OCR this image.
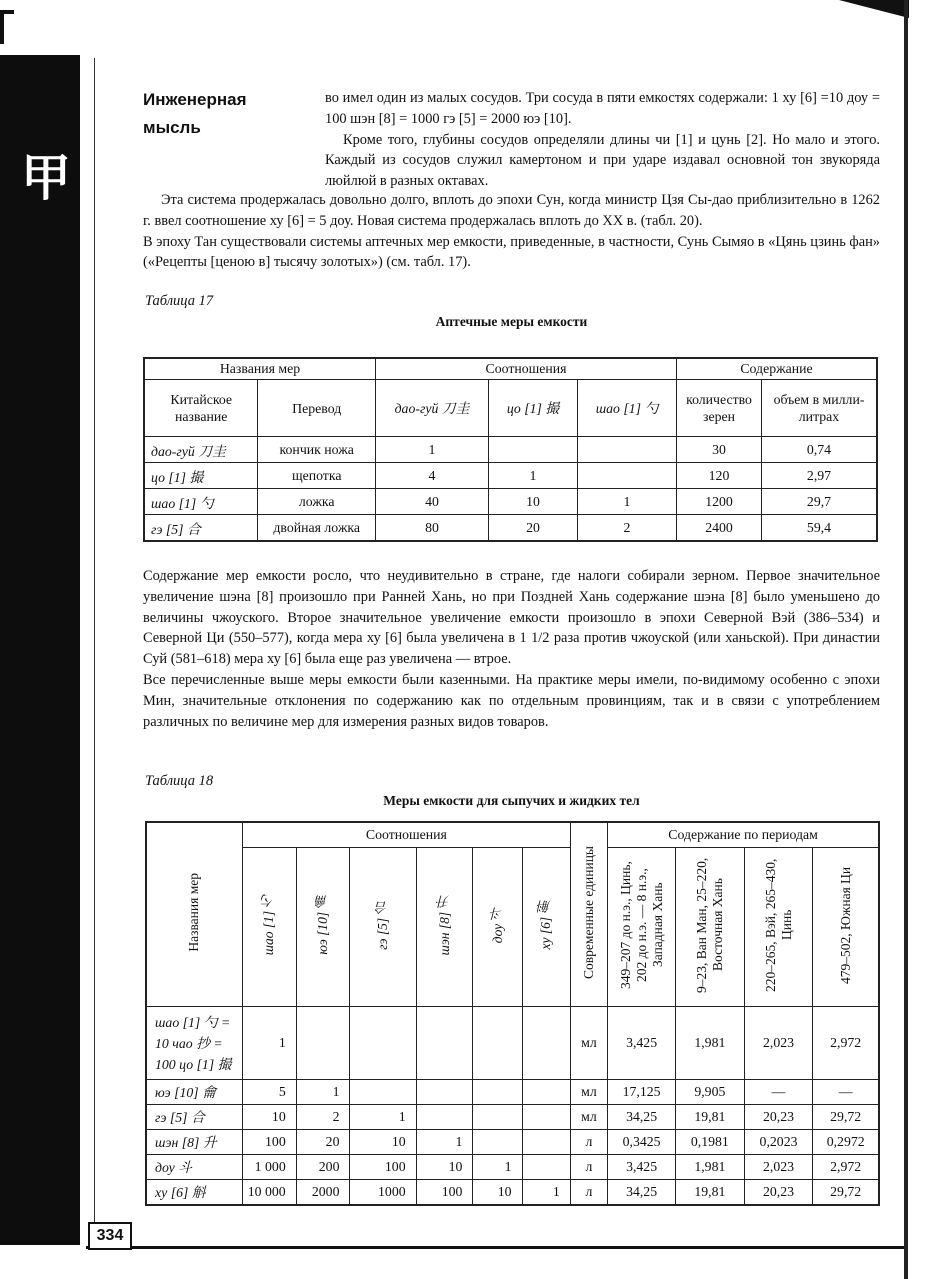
甲
334
Инженерная
мысль

во имел один из малых сосудов. Три сосуда в пяти емкостях содержали: 1 ху [6] =10 доу = 100 шэн [8] = 1000 гэ [5] = 2000 юэ [10].

Кроме того, глубины сосудов определяли длины чи [1] и цунь [2]. Но мало и этого. Каждый из сосудов служил камертоном и при ударе издавал основной тон звукоряда люйлюй в разных октавах.

Эта система продержалась довольно долго, вплоть до эпохи Сун, когда министр Цзя Сы-дао приблизительно в 1262 г. ввел соотношение ху [6] = 5 доу. Новая система продержалась вплоть до XX в. (табл. 20).

В эпоху Тан существовали системы аптечных мер емкости, приведенные, в частности, Сунь Сымяо в «Цянь цзинь фан» («Рецепты [ценою в] тысячу золотых») (см. табл. 17).

Таблица 17
Аптечные меры емкости
Названия мер		Соотношения			Содержание	
Китайское название	Перевод	дао-гуй 刀圭	цо [1] 撮	шао [1] 勺	количество зерен	объем в милли-литрах
дао-гуй 刀圭	кончик ножа	1			30	0,74
цо [1] 撮	щепотка	4	1		120	2,97
шао [1] 勺	ложка	40	10	1	1200	29,7
гэ [5] 合	двойная ложка	80	20	2	2400	59,4

Содержание мер емкости росло, что неудивительно в стране, где налоги собирали зерном. Первое значительное увеличение шэна [8] произошло при Ранней Хань, но при Поздней Хань содержание шэна [8] было уменьшено до величины чжоуского. Второе значительное увеличение емкости произошло в эпохи Северной Вэй (386–534) и Северной Ци (550–577), когда мера ху [6] была увеличена в 1 1/2 раза против чжоуской (или ханьской). При династии Суй (581–618) мера ху [6] была еще раз увеличена — втрое.

Все перечисленные выше меры емкости были казенными. На практике меры имели, по-видимому особенно с эпохи Мин, значительные отклонения по содержанию как по отдельным провинциям, так и в связи с употреблением различных по величине мер для измерения разных видов товаров.

Таблица 18
Меры емкости для сыпучих и жидких тел
Названия мер	Соотношения						Современные единицы	Содержание по периодам			
	шао [1] 勺	юэ [10] 龠	гэ [5] 合	шэн [8] 升	доу 斗	ху [6] 斛		349–207 до н.э., Цинь, 202 до н.э. — 8 н.э., Западная Хань	9–23, Ван Ман, 25–220, Восточная Хань	220–265, Вэй, 265–430, Цинь	479–502, Южная Ци

шао [1] 勺 =
10 чао 抄 =
100 цо [1] 撮	1						мл	3,425	1,981	2,023	2,972

юэ [10] 龠	5	1					мл	17,125	9,905	—	—

гэ [5] 合	10	2	1				мл	34,25	19,81	20,23	29,72

шэн [8] 升	100	20	10	1			л	0,3425	0,1981	0,2023	0,2972

доу 斗	1 000	200	100	10	1		л	3,425	1,981	2,023	2,972

ху [6] 斛	10 000	2000	1000	100	10	1	л	34,25	19,81	20,23	29,72
